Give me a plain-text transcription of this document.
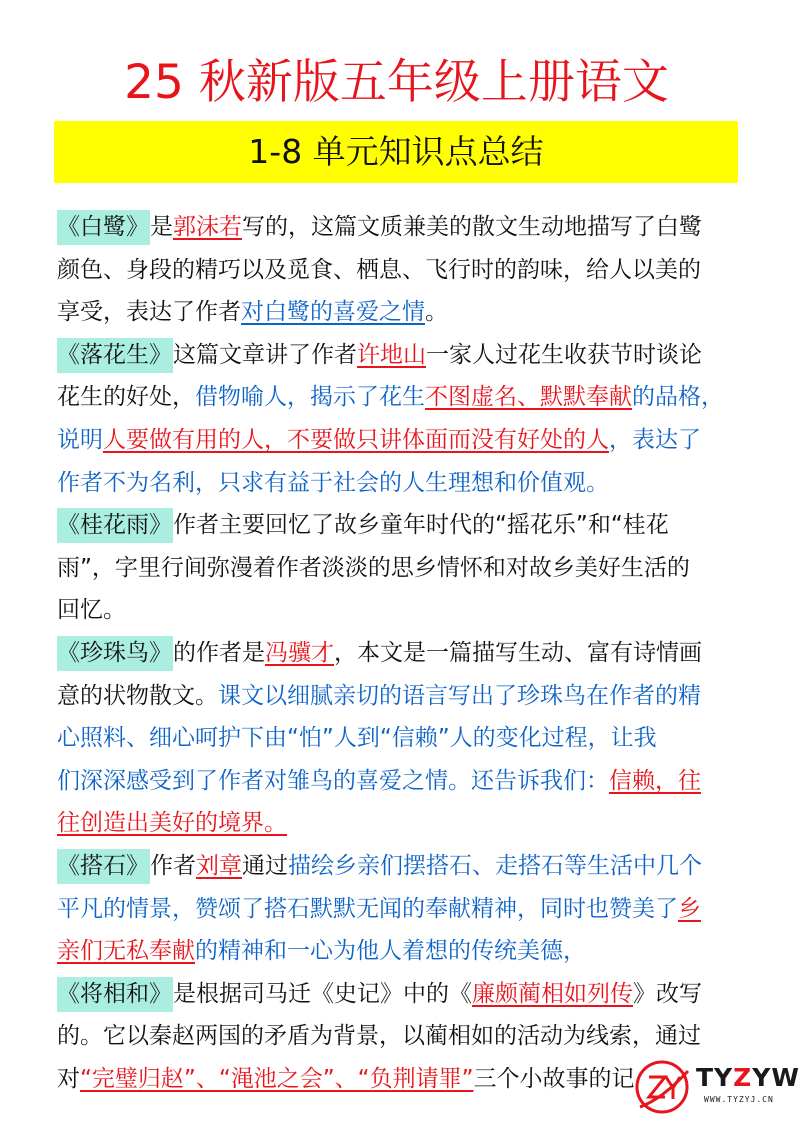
25 秋新版五年级上册语文
1-8 单元知识点总结
《白鹭》是郭沫若写的，这篇文质兼美的散文生动地描写了白鹭
颜色、身段的精巧以及觅食、栖息、飞行时的韵味，给人以美的
享受，表达了作者对白鹭的喜爱之情。
《落花生》这篇文章讲了作者许地山一家人过花生收获节时谈论
花生的好处，借物喻人，揭示了花生不图虚名、默默奉献的品格，
说明人要做有用的人，不要做只讲体面而没有好处的人，表达了
作者不为名利，只求有益于社会的人生理想和价值观。
《桂花雨》作者主要回忆了故乡童年时代的“摇花乐”和“桂花
雨”，字里行间弥漫着作者淡淡的思乡情怀和对故乡美好生活的
回忆。
《珍珠鸟》的作者是冯骥才，本文是一篇描写生动、富有诗情画
意的状物散文。课文以细腻亲切的语言写出了珍珠鸟在作者的精
心照料、细心呵护下由“怕”人到“信赖”人的变化过程，让我
们深深感受到了作者对雏鸟的喜爱之情。还告诉我们：信赖，往
往创造出美好的境界。
《搭石》作者刘章通过描绘乡亲们摆搭石、走搭石等生活中几个
平凡的情景，赞颂了搭石默默无闻的奉献精神，同时也赞美了乡
亲们无私奉献的精神和一心为他人着想的传统美德，
《将相和》是根据司马迁《史记》中的《廉颇蔺相如列传》改写
的。它以秦赵两国的矛盾为背景，以蔺相如的活动为线索，通过
对“完璧归赵”、“渑池之会”、“负荆请罪”三个小故事的记	TYZYW
WWW.TYZYJ.CN
